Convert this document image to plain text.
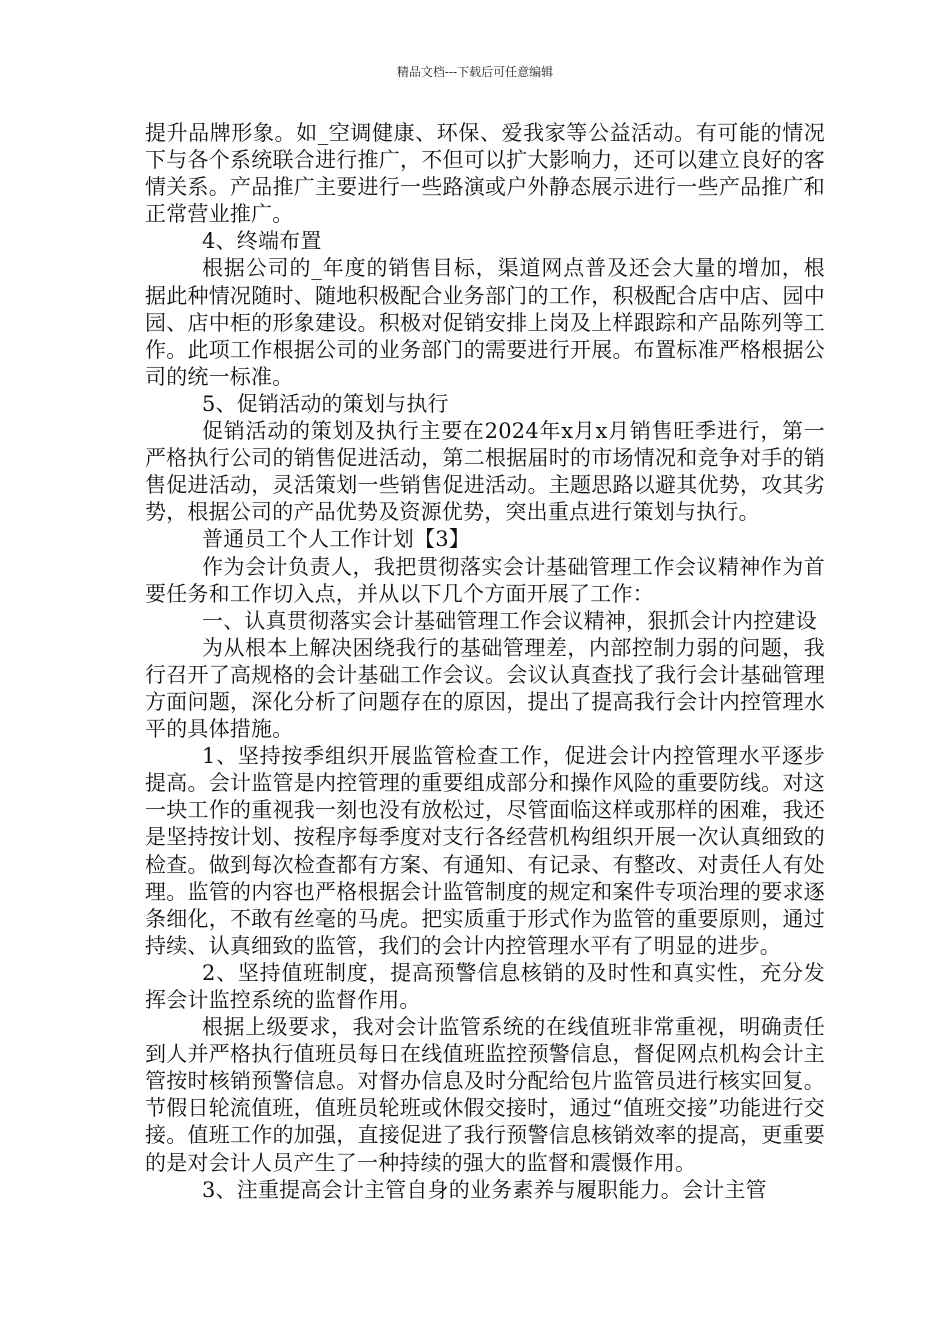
精品文档---下载后可任意编辑

提升品牌形象。如_空调健康、环保、爱我家等公益活动。有可能的情况下与各个系统联合进行推广，不但可以扩大影响力，还可以建立良好的客情关系。产品推广主要进行一些路演或户外静态展示进行一些产品推广和正常营业推广。

4、终端布置

根据公司的_年度的销售目标，渠道网点普及还会大量的增加，根据此种情况随时、随地积极配合业务部门的工作，积极配合店中店、园中园、店中柜的形象建设。积极对促销安排上岗及上样跟踪和产品陈列等工作。此项工作根据公司的业务部门的需要进行开展。布置标准严格根据公司的统一标准。

5、促销活动的策划与执行

促销活动的策划及执行主要在2024年x月x月销售旺季进行，第一严格执行公司的销售促进活动，第二根据届时的市场情况和竞争对手的销售促进活动，灵活策划一些销售促进活动。主题思路以避其优势，攻其劣势，根据公司的产品优势及资源优势，突出重点进行策划与执行。

普通员工个人工作计划【3】

作为会计负责人，我把贯彻落实会计基础管理工作会议精神作为首要任务和工作切入点，并从以下几个方面开展了工作：

一、认真贯彻落实会计基础管理工作会议精神，狠抓会计内控建设

为从根本上解决困绕我行的基础管理差，内部控制力弱的问题，我行召开了高规格的会计基础工作会议。会议认真查找了我行会计基础管理方面问题，深化分析了问题存在的原因，提出了提高我行会计内控管理水平的具体措施。

1、坚持按季组织开展监管检查工作，促进会计内控管理水平逐步提高。会计监管是内控管理的重要组成部分和操作风险的重要防线。对这一块工作的重视我一刻也没有放松过，尽管面临这样或那样的困难，我还是坚持按计划、按程序每季度对支行各经营机构组织开展一次认真细致的检查。做到每次检查都有方案、有通知、有记录、有整改、对责任人有处理。监管的内容也严格根据会计监管制度的规定和案件专项治理的要求逐条细化，不敢有丝毫的马虎。把实质重于形式作为监管的重要原则，通过持续、认真细致的监管，我们的会计内控管理水平有了明显的进步。

2、坚持值班制度，提高预警信息核销的及时性和真实性，充分发挥会计监控系统的监督作用。

根据上级要求，我对会计监管系统的在线值班非常重视，明确责任到人并严格执行值班员每日在线值班监控预警信息，督促网点机构会计主管按时核销预警信息。对督办信息及时分配给包片监管员进行核实回复。节假日轮流值班，值班员轮班或休假交接时，通过“值班交接”功能进行交接。值班工作的加强，直接促进了我行预警信息核销效率的提高，更重要的是对会计人员产生了一种持续的强大的监督和震慑作用。

3、注重提高会计主管自身的业务素养与履职能力。会计主管
